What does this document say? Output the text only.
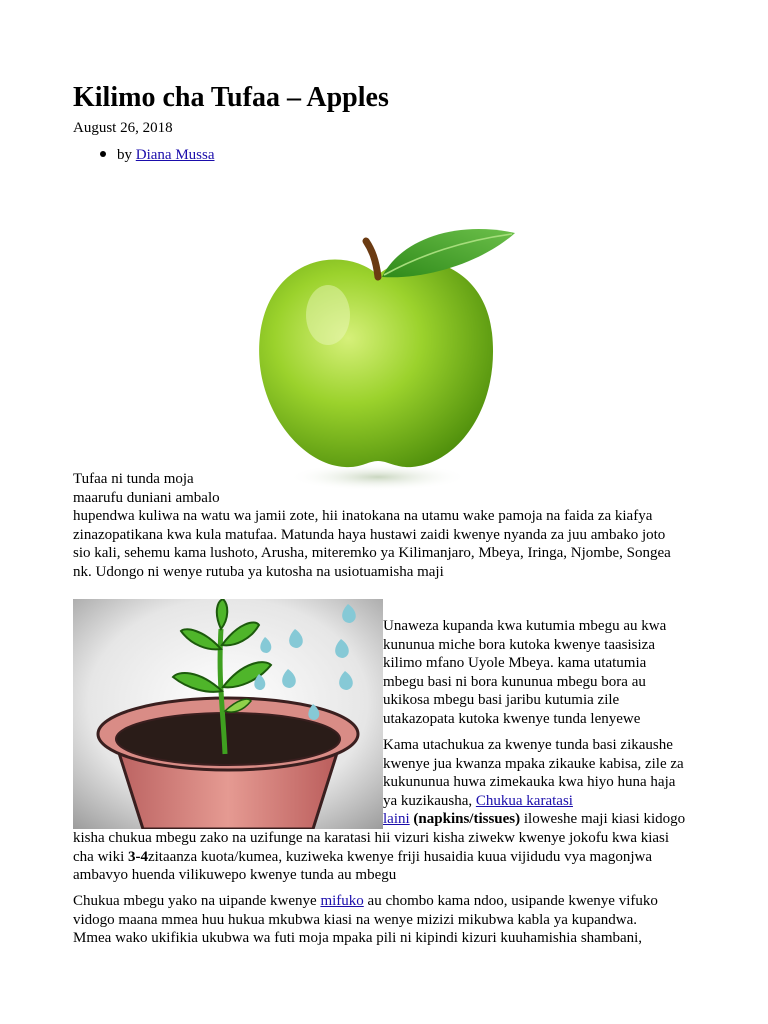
Kilimo cha Tufaa – Apples
August 26, 2018
by Diana Mussa
Tufaa ni tunda moja
maarufu duniani ambalo
hupendwa kuliwa na watu wa jamii zote, hii inatokana na utamu wake pamoja na faida za kiafya
zinazopatikana kwa kula matufaa. Matunda haya hustawi zaidi kwenye nyanda za juu ambako joto
sio kali, sehemu kama lushoto, Arusha, miteremko ya Kilimanjaro, Mbeya, Iringa, Njombe, Songea
nk. Udongo ni wenye rutuba ya kutosha na usiotuamisha maji
Unaweza kupanda kwa kutumia mbegu au kwa
kununua miche bora kutoka kwenye taasisiza
kilimo mfano Uyole Mbeya. kama utatumia
mbegu basi ni bora kununua mbegu bora au
ukikosa mbegu basi jaribu kutumia zile
utakazopata kutoka kwenye tunda lenyewe
Kama utachukua za kwenye tunda basi zikaushe
kwenye jua kwanza mpaka zikauke kabisa, zile za
kukununua huwa zimekauka kwa hiyo huna haja
ya kuzikausha, Chukua karatasi
laini (napkins/tissues) iloweshe maji kiasi kidogo
kisha chukua mbegu zako na uzifunge na karatasi hii vizuri kisha ziwekw kwenye jokofu kwa kiasi
cha wiki 3-4zitaanza kuota/kumea, kuziweka kwenye friji husaidia kuua vijidudu vya magonjwa
ambavyo huenda vilikuwepo kwenye tunda au mbegu
Chukua mbegu yako na uipande kwenye mifuko au chombo kama ndoo, usipande kwenye vifuko
vidogo maana mmea huu hukua mkubwa kiasi na wenye mizizi mikubwa kabla ya kupandwa.
Mmea wako ukifikia ukubwa wa futi moja mpaka pili ni kipindi kizuri kuuhamishia shambani,
